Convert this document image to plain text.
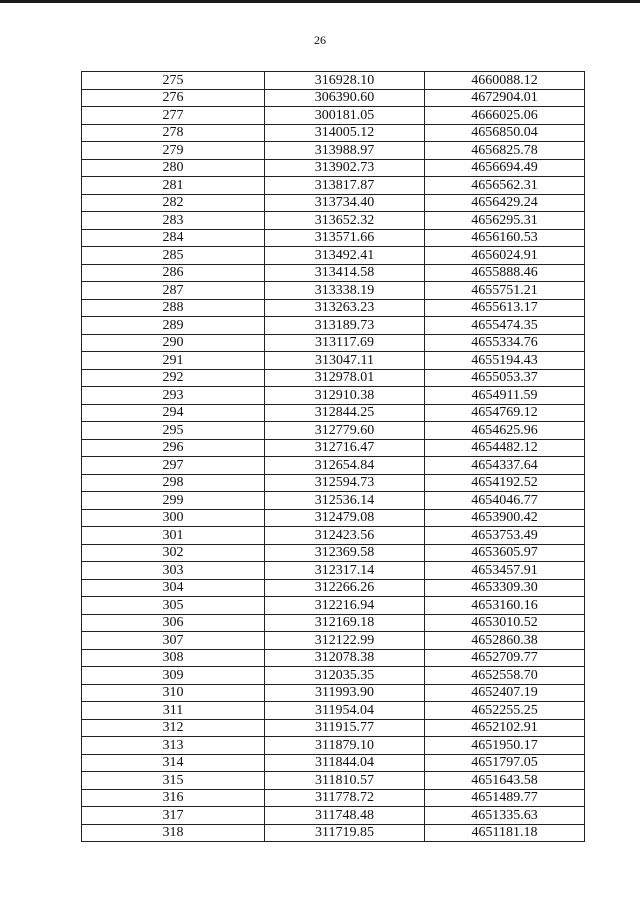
26
275	316928.10	4660088.12
276	306390.60	4672904.01
277	300181.05	4666025.06
278	314005.12	4656850.04
279	313988.97	4656825.78
280	313902.73	4656694.49
281	313817.87	4656562.31
282	313734.40	4656429.24
283	313652.32	4656295.31
284	313571.66	4656160.53
285	313492.41	4656024.91
286	313414.58	4655888.46
287	313338.19	4655751.21
288	313263.23	4655613.17
289	313189.73	4655474.35
290	313117.69	4655334.76
291	313047.11	4655194.43
292	312978.01	4655053.37
293	312910.38	4654911.59
294	312844.25	4654769.12
295	312779.60	4654625.96
296	312716.47	4654482.12
297	312654.84	4654337.64
298	312594.73	4654192.52
299	312536.14	4654046.77
300	312479.08	4653900.42
301	312423.56	4653753.49
302	312369.58	4653605.97
303	312317.14	4653457.91
304	312266.26	4653309.30
305	312216.94	4653160.16
306	312169.18	4653010.52
307	312122.99	4652860.38
308	312078.38	4652709.77
309	312035.35	4652558.70
310	311993.90	4652407.19
311	311954.04	4652255.25
312	311915.77	4652102.91
313	311879.10	4651950.17
314	311844.04	4651797.05
315	311810.57	4651643.58
316	311778.72	4651489.77
317	311748.48	4651335.63
318	311719.85	4651181.18
